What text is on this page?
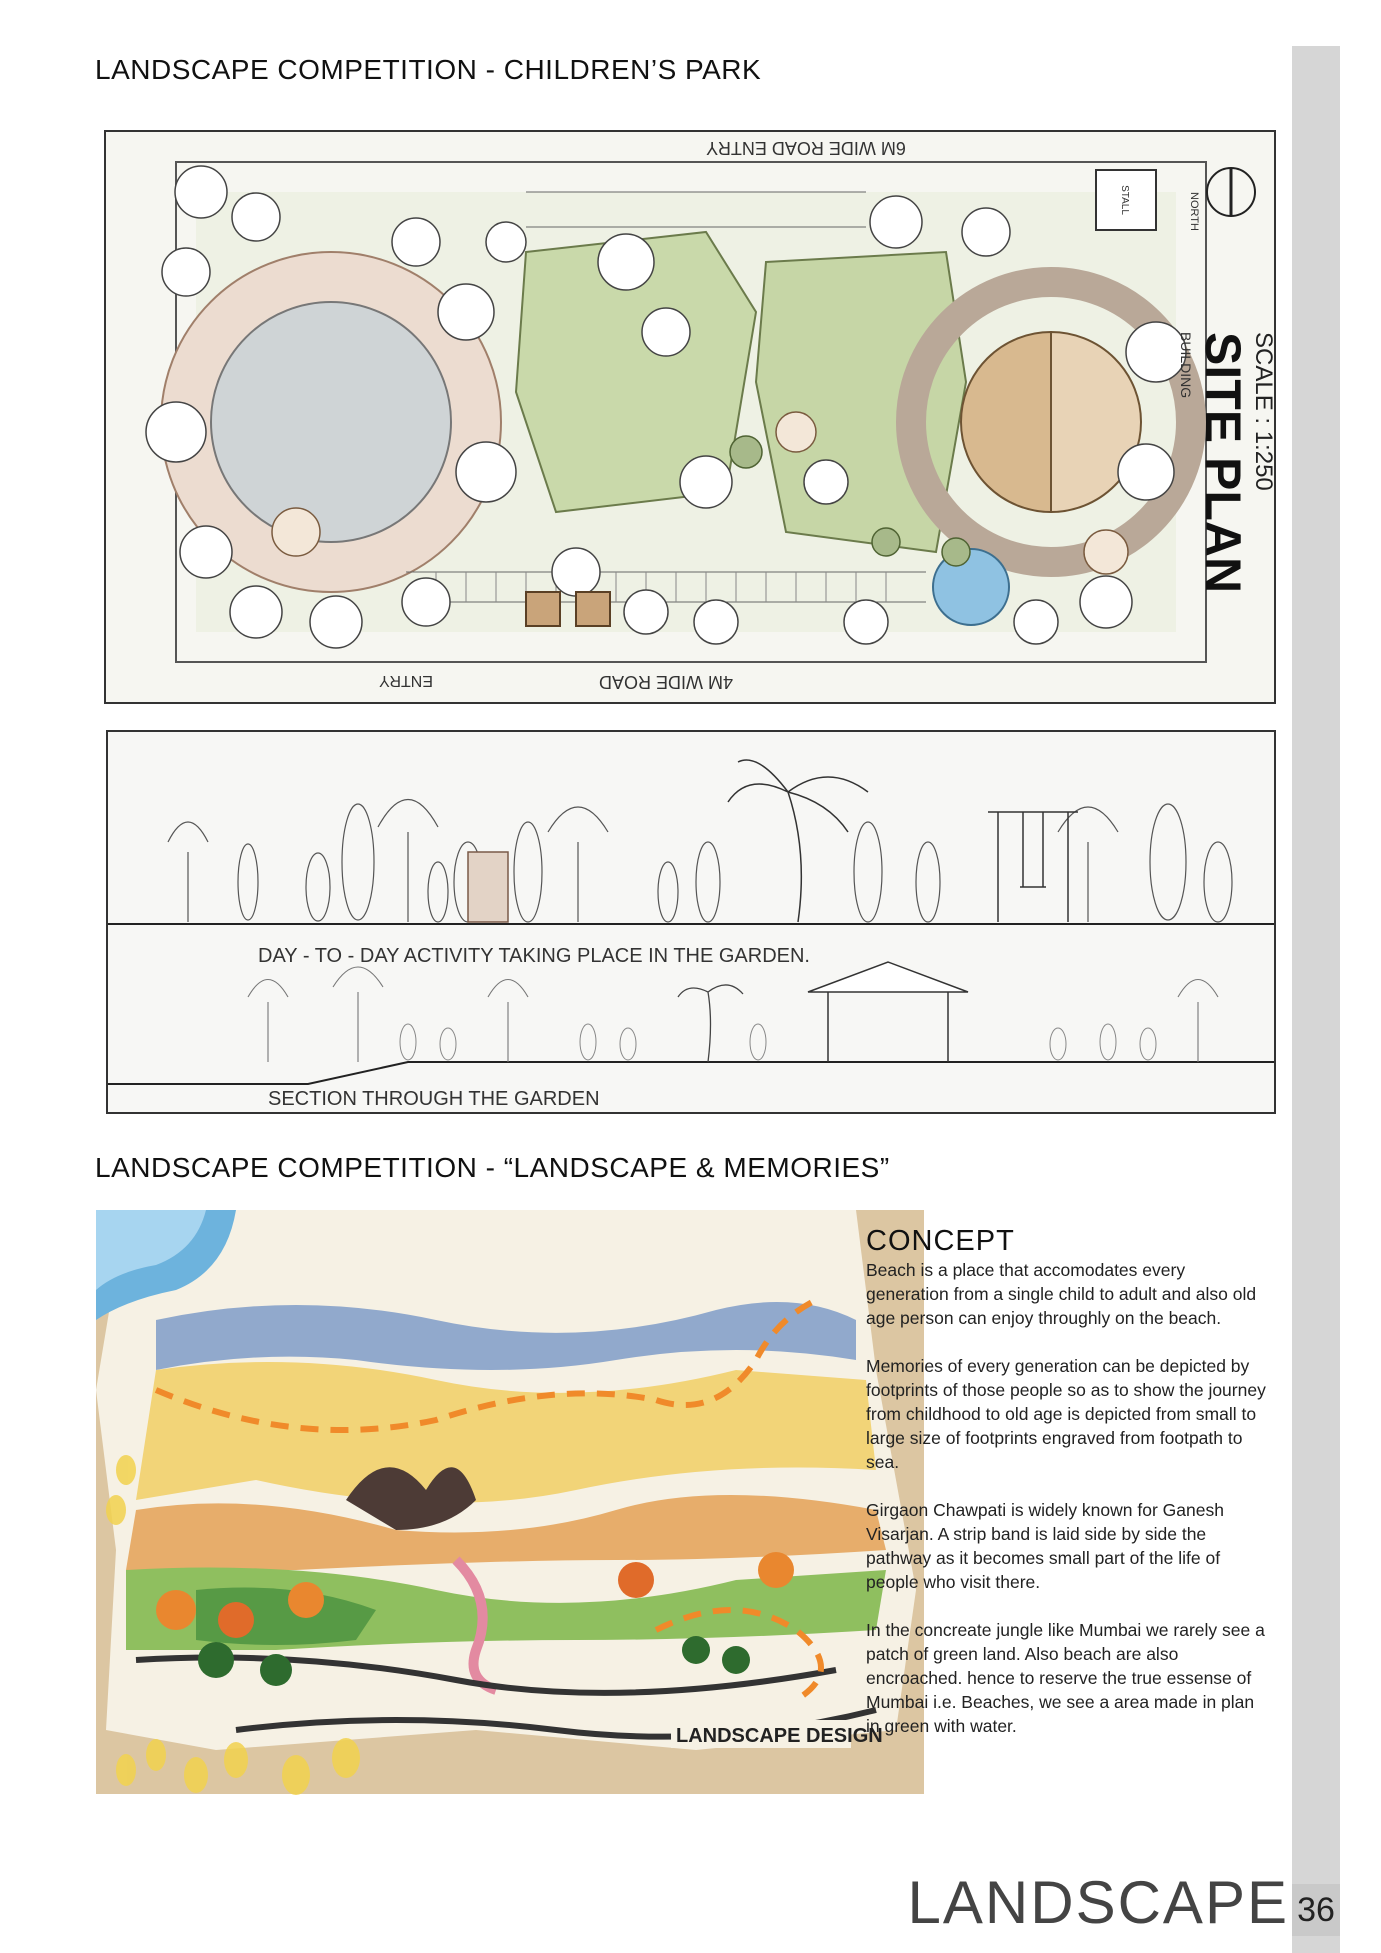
LANDSCAPE COMPETITION - CHILDREN’S PARK
STALL	NORTH
BUILDING SITE PLAN SCALE : 1:250
6M WIDE ROAD ENTRY
4M WIDE ROAD
ENTRY
DAY - TO - DAY ACTIVITY TAKING PLACE IN THE GARDEN.
SECTION THROUGH THE GARDEN
LANDSCAPE COMPETITION - “LANDSCAPE & MEMORIES”
LANDSCAPE DESIGN
CONCEPT

Beach is a place that accomodates every generation from a single child to adult and also old age person can enjoy throughly on the beach.

Memories of every generation can be depicted by footprints of those people so as to show the journey from childhood to old age is depicted from small to large size of footprints engraved from footpath to sea.

Girgaon Chawpati is widely known for Ganesh Visarjan. A strip band is laid side by side the pathway as it becomes small part of the life of people who visit there.

In the concreate jungle like Mumbai we rarely see a patch of green land. Also beach are also encroached. hence to reserve the true essense of Mumbai i.e. Beaches, we see a area made in plan in green with water.

LANDSCAPE 36
